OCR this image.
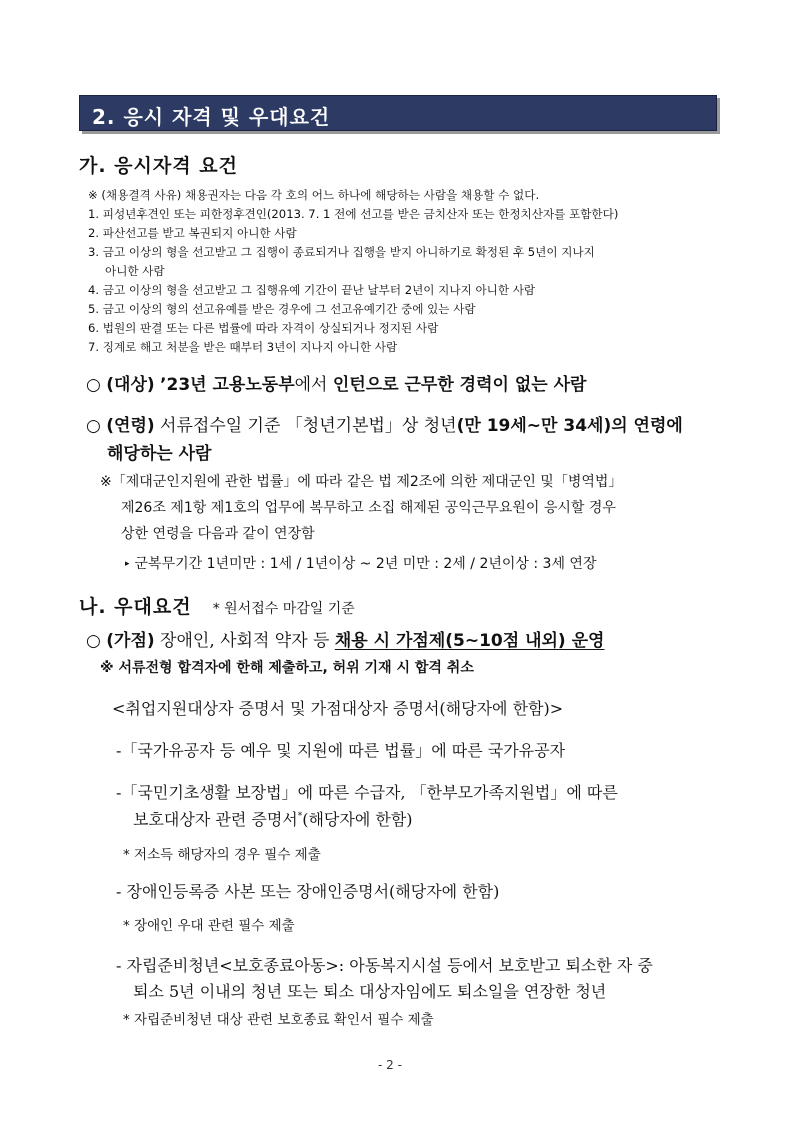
2. 응시 자격 및 우대요건
가. 응시자격 요건
※ (채용결격 사유) 채용권자는 다음 각 호의 어느 하나에 해당하는 사람을 채용할 수 없다.
1. 피성년후견인 또는 피한정후견인(2013. 7. 1 전에 선고를 받은 금치산자 또는 한정치산자를 포함한다)
2. 파산선고를 받고 복권되지 아니한 사람
3. 금고 이상의 형을 선고받고 그 집행이 종료되거나 집행을 받지 아니하기로 확정된 후 5년이 지나지
아니한 사람
4. 금고 이상의 형을 선고받고 그 집행유예 기간이 끝난 날부터 2년이 지나지 아니한 사람
5. 금고 이상의 형의 선고유예를 받은 경우에 그 선고유예기간 중에 있는 사람
6. 법원의 판결 또는 다른 법률에 따라 자격이 상실되거나 정지된 사람
7. 징계로 해고 처분을 받은 때부터 3년이 지나지 아니한 사람
○ (대상) ’23년 고용노동부에서 인턴으로 근무한 경력이 없는 사람
○ (연령) 서류접수일 기준 「청년기본법」상 청년(만 19세~만 34세)의 연령에
해당하는 사람
※「제대군인지원에 관한 법률」에 따라 같은 법 제2조에 의한 제대군인 및「병역법」
제26조 제1항 제1호의 업무에 복무하고 소집 해제된 공익근무요원이 응시할 경우
상한 연령을 다음과 같이 연장함
▸ 군복무기간 1년미만 : 1세 / 1년이상 ~ 2년 미만 : 2세 / 2년이상 : 3세 연장
나. 우대요건 * 원서접수 마감일 기준
○ (가점) 장애인, 사회적 약자 등 채용 시 가점제(5~10점 내외) 운영
※ 서류전형 합격자에 한해 제출하고, 허위 기재 시 합격 취소
<취업지원대상자 증명서 및 가점대상자 증명서(해당자에 한함)>
-「국가유공자 등 예우 및 지원에 따른 법률」에 따른 국가유공자
-「국민기초생활 보장법」에 따른 수급자, 「한부모가족지원법」에 따른
보호대상자 관련 증명서*(해당자에 한함)
* 저소득 해당자의 경우 필수 제출
- 장애인등록증 사본 또는 장애인증명서(해당자에 한함)
* 장애인 우대 관련 필수 제출
- 자립준비청년<보호종료아동>: 아동복지시설 등에서 보호받고 퇴소한 자 중
퇴소 5년 이내의 청년 또는 퇴소 대상자임에도 퇴소일을 연장한 청년
* 자립준비청년 대상 관련 보호종료 확인서 필수 제출
- 2 -
